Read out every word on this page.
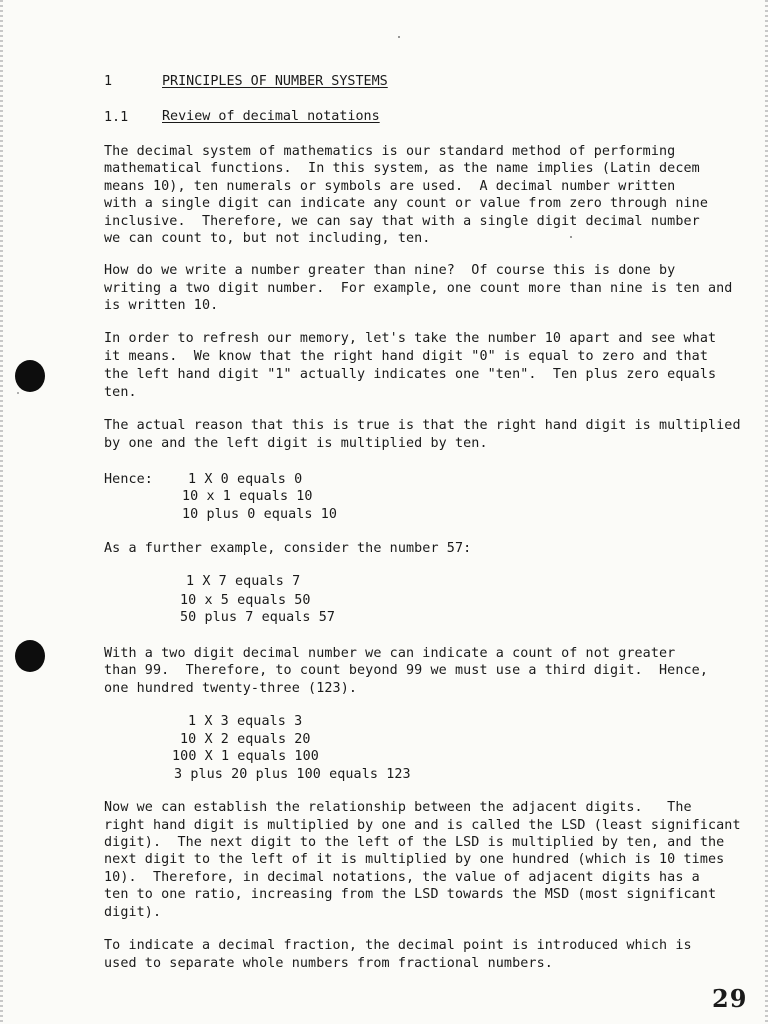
1	PRINCIPLES OF NUMBER SYSTEMS
1.1	Review of decimal notations
The decimal system of mathematics is our standard method of performing
mathematical functions.  In this system, as the name implies (Latin decem
means 10), ten numerals or symbols are used.  A decimal number written
with a single digit can indicate any count or value from zero through nine
inclusive.  Therefore, we can say that with a single digit decimal number
we can count to, but not including, ten.
How do we write a number greater than nine?  Of course this is done by
writing a two digit number.  For example, one count more than nine is ten and
is written 10.
In order to refresh our memory, let's take the number 10 apart and see what
it means.  We know that the right hand digit "0" is equal to zero and that
the left hand digit "1" actually indicates one "ten".  Ten plus zero equals
ten.
The actual reason that this is true is that the right hand digit is multiplied
by one and the left digit is multiplied by ten.
Hence:	1 X 0 equals 0
10 x 1 equals 10
10 plus 0 equals 10
As a further example, consider the number 57:
1 X 7 equals 7
10 x 5 equals 50
50 plus 7 equals 57
With a two digit decimal number we can indicate a count of not greater
than 99.  Therefore, to count beyond 99 we must use a third digit.  Hence,
one hundred twenty-three (123).
1 X 3 equals 3
10 X 2 equals 20
100 X 1 equals 100
3 plus 20 plus 100 equals 123
Now we can establish the relationship between the adjacent digits.   The
right hand digit is multiplied by one and is called the LSD (least significant
digit).  The next digit to the left of the LSD is multiplied by ten, and the
next digit to the left of it is multiplied by one hundred (which is 10 times
10).  Therefore, in decimal notations, the value of adjacent digits has a
ten to one ratio, increasing from the LSD towards the MSD (most significant
digit).
To indicate a decimal fraction, the decimal point is introduced which is
used to separate whole numbers from fractional numbers.
29
